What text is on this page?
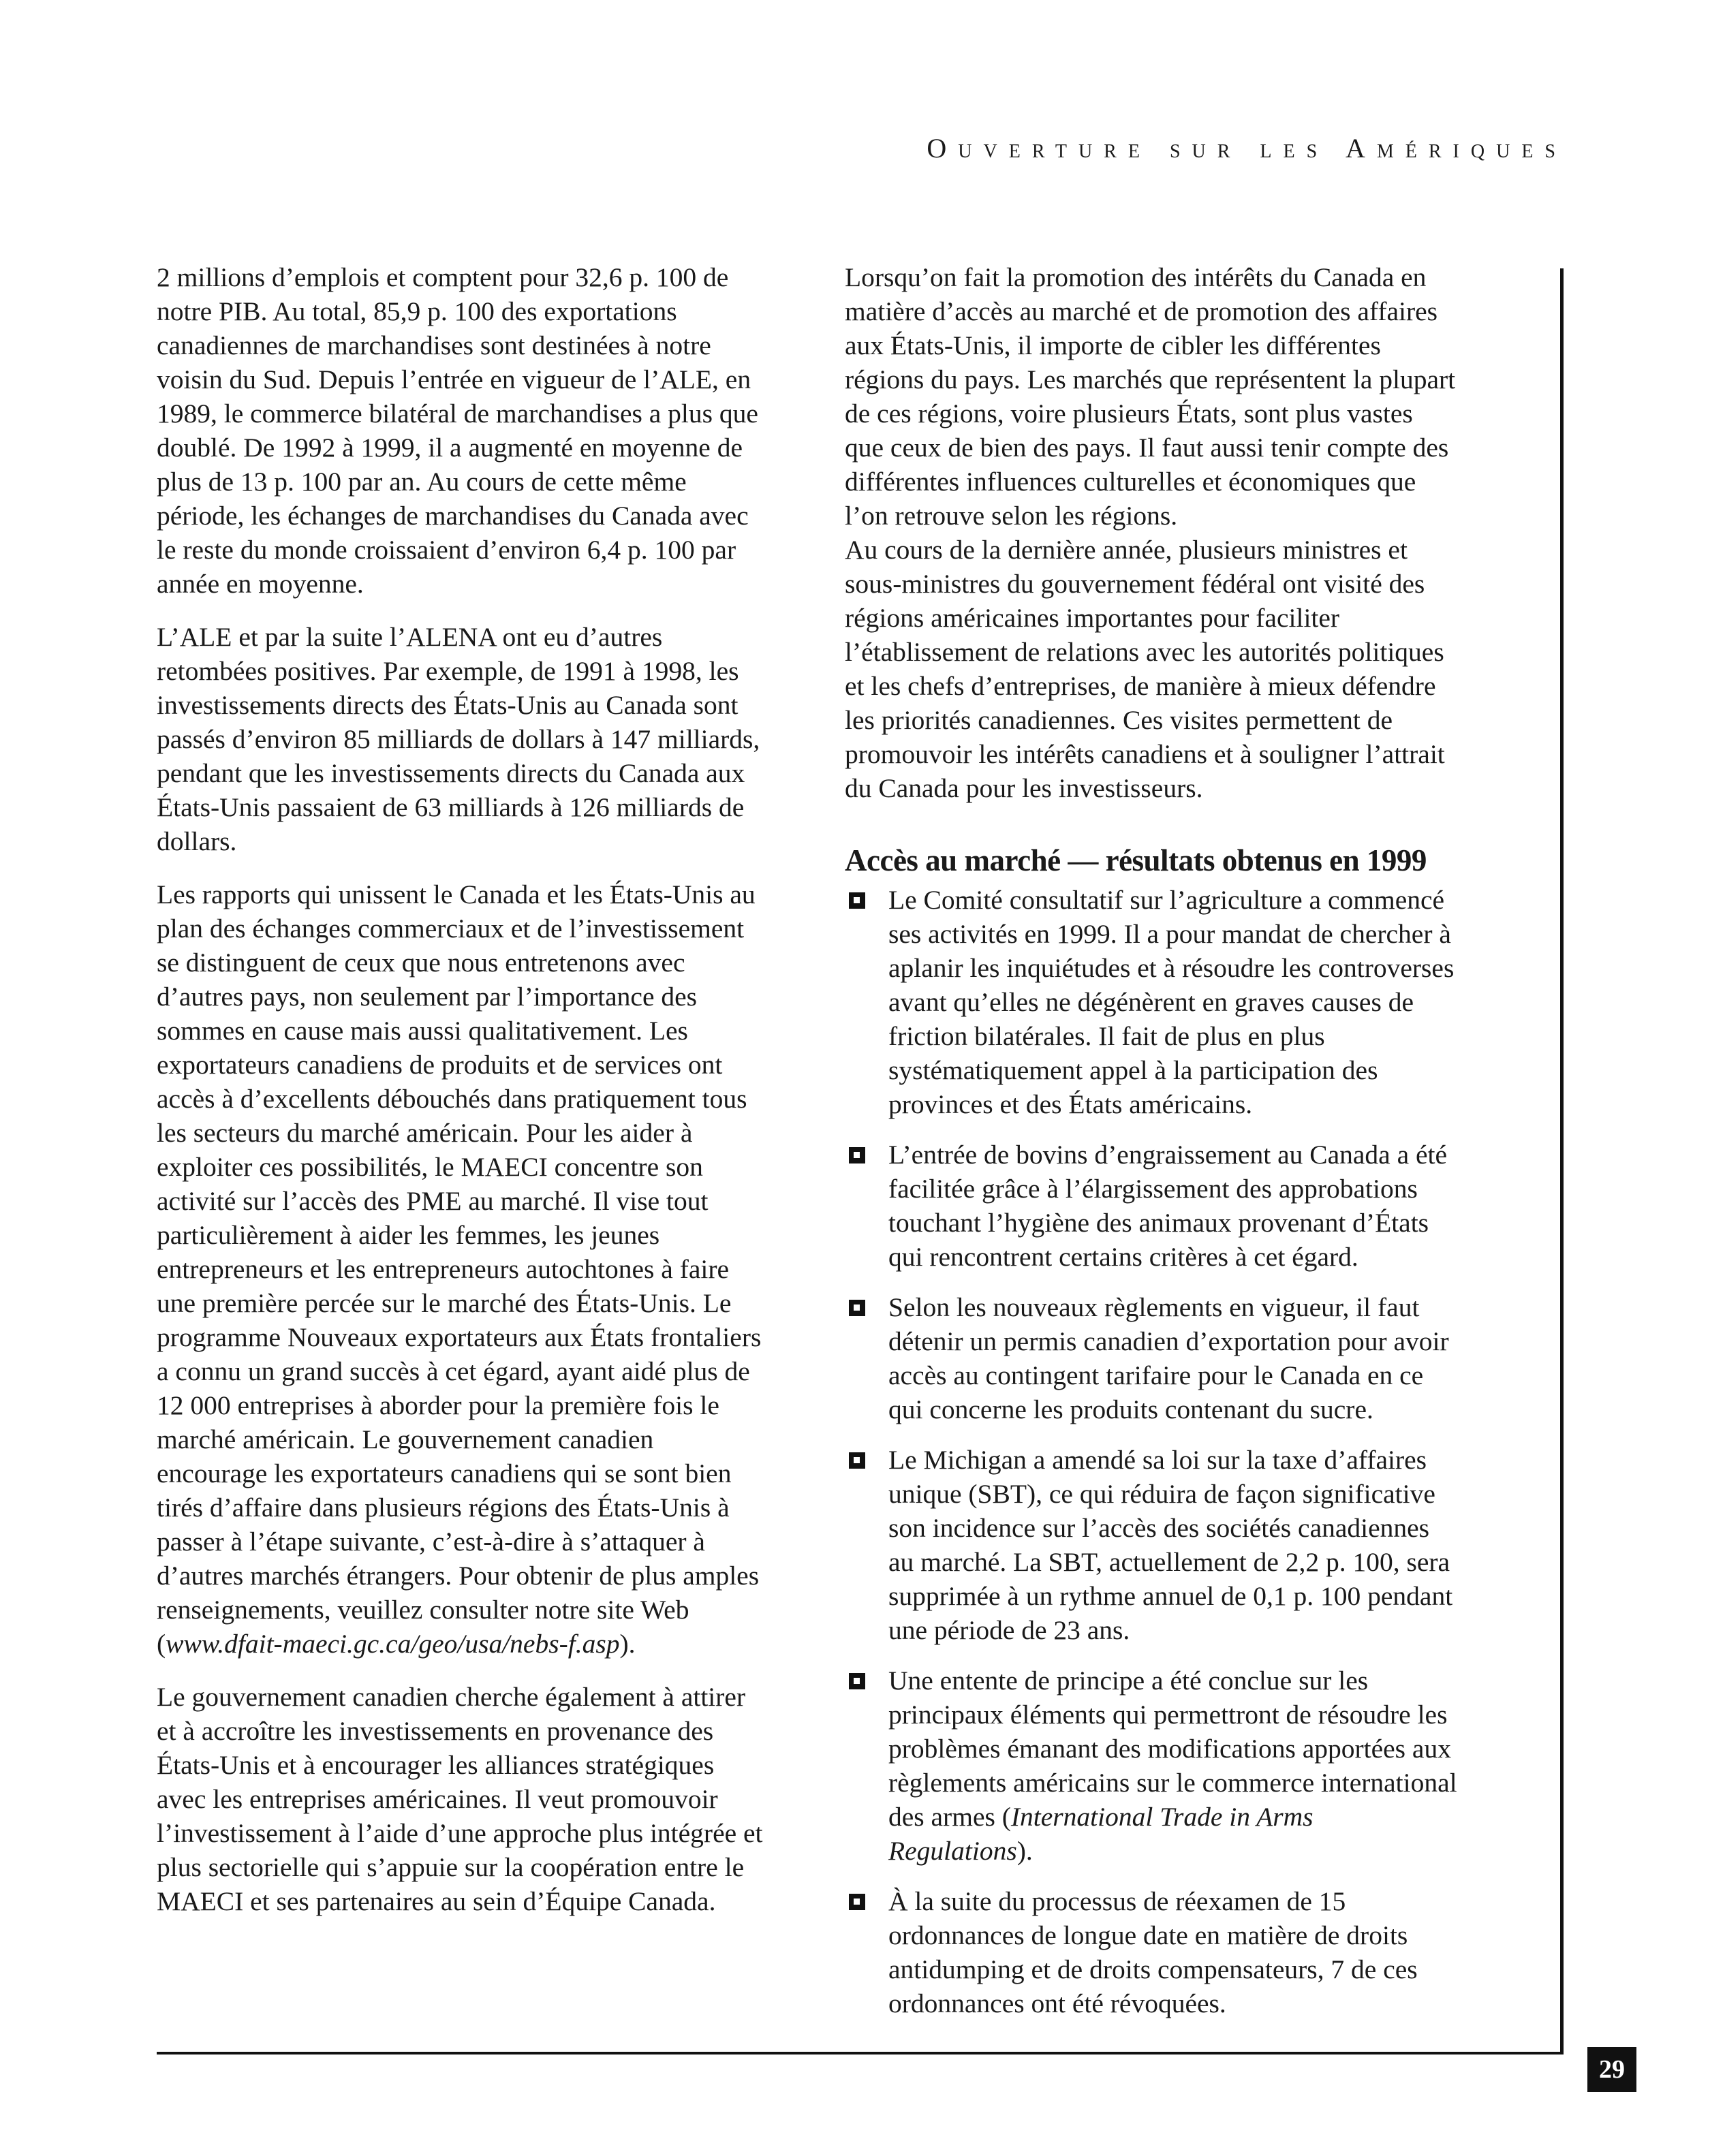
Ouverture sur les Amériques

2 millions d’emplois et comptent pour 32,6 p. 100 de notre PIB. Au total, 85,9 p. 100 des exportations canadiennes de marchandises sont destinées à notre voisin du Sud. Depuis l’entrée en vigueur de l’ALE, en 1989, le commerce bilatéral de marchandises a plus que doublé. De 1992 à 1999, il a augmenté en moyenne de plus de 13 p. 100 par an. Au cours de cette même période, les échanges de marchandises du Canada avec le reste du monde croissaient d’environ 6,4 p. 100 par année en moyenne.

L’ALE et par la suite l’ALENA ont eu d’autres retombées positives. Par exemple, de 1991 à 1998, les investissements directs des États-Unis au Canada sont passés d’environ 85 milliards de dollars à 147 milliards, pendant que les investissements directs du Canada aux États-Unis passaient de 63 milliards à 126 milliards de dollars.

Les rapports qui unissent le Canada et les États-Unis au plan des échanges commerciaux et de l’investissement se distinguent de ceux que nous entretenons avec d’autres pays, non seulement par l’importance des sommes en cause mais aussi qualitativement. Les exportateurs canadiens de produits et de services ont accès à d’excellents débouchés dans pratiquement tous les secteurs du marché américain. Pour les aider à exploiter ces possibilités, le MAECI concentre son activité sur l’accès des PME au marché. Il vise tout particulièrement à aider les femmes, les jeunes entrepreneurs et les entrepreneurs autochtones à faire une première percée sur le marché des États-Unis. Le programme Nouveaux exportateurs aux États frontaliers a connu un grand succès à cet égard, ayant aidé plus de 12 000 entreprises à aborder pour la première fois le marché américain. Le gouvernement canadien encourage les exportateurs canadiens qui se sont bien tirés d’affaire dans plusieurs régions des États-Unis à passer à l’étape suivante, c’est-à-dire à s’attaquer à d’autres marchés étrangers. Pour obtenir de plus amples renseignements, veuillez consulter notre site Web (www.dfait-maeci.gc.ca/geo/usa/nebs-f.asp).

Le gouvernement canadien cherche également à attirer et à accroître les investissements en provenance des États-Unis et à encourager les alliances stratégiques avec les entreprises américaines. Il veut promouvoir l’investissement à l’aide d’une approche plus intégrée et plus sectorielle qui s’appuie sur la coopération entre le MAECI et ses partenaires au sein d’Équipe Canada.

Lorsqu’on fait la promotion des intérêts du Canada en matière d’accès au marché et de promotion des affaires aux États-Unis, il importe de cibler les différentes régions du pays. Les marchés que représentent la plupart de ces régions, voire plusieurs États, sont plus vastes que ceux de bien des pays. Il faut aussi tenir compte des différentes influences culturelles et économiques que l’on retrouve selon les régions.

Au cours de la dernière année, plusieurs ministres et sous-ministres du gouvernement fédéral ont visité des régions américaines importantes pour faciliter l’établissement de relations avec les autorités politiques et les chefs d’entreprises, de manière à mieux défendre les priorités canadiennes. Ces visites permettent de promouvoir les intérêts canadiens et à souligner l’attrait du Canada pour les investisseurs.

Accès au marché — résultats obtenus en 1999
Le Comité consultatif sur l’agriculture a commencé ses activités en 1999. Il a pour mandat de chercher à aplanir les inquiétudes et à résoudre les controverses avant qu’elles ne dégénèrent en graves causes de friction bilatérales. Il fait de plus en plus systématiquement appel à la participation des provinces et des États américains.
L’entrée de bovins d’engraissement au Canada a été facilitée grâce à l’élargissement des approbations touchant l’hygiène des animaux provenant d’États qui rencontrent certains critères à cet égard.
Selon les nouveaux règlements en vigueur, il faut détenir un permis canadien d’exportation pour avoir accès au contingent tarifaire pour le Canada en ce qui concerne les produits contenant du sucre.
Le Michigan a amendé sa loi sur la taxe d’affaires unique (SBT), ce qui réduira de façon significative son incidence sur l’accès des sociétés canadiennes au marché. La SBT, actuellement de 2,2 p. 100, sera supprimée à un rythme annuel de 0,1 p. 100 pendant une période de 23 ans.
Une entente de principe a été conclue sur les principaux éléments qui permettront de résoudre les problèmes émanant des modifications apportées aux règlements américains sur le commerce international des armes (International Trade in Arms Regulations).
À la suite du processus de réexamen de 15 ordonnances de longue date en matière de droits antidumping et de droits compensateurs, 7 de ces ordonnances ont été révoquées.
29
